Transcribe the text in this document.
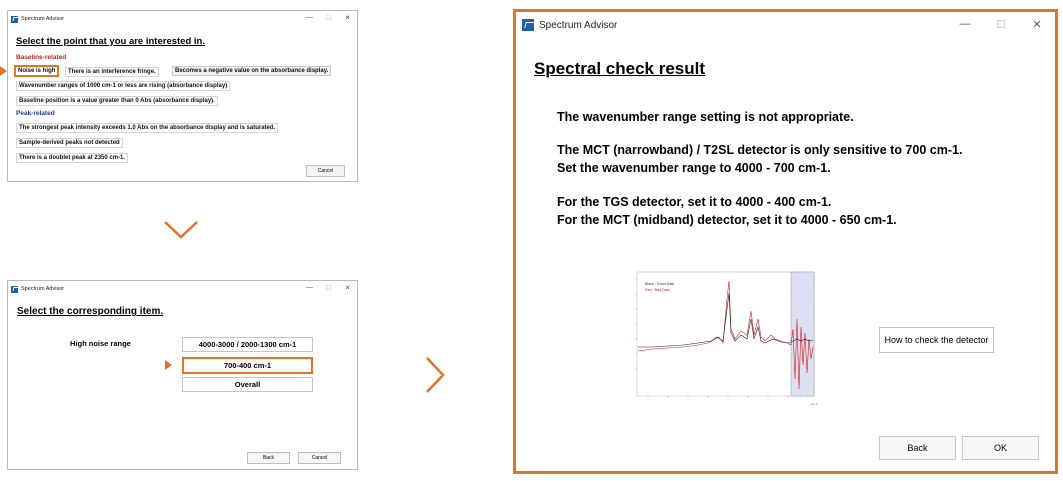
Spectrum Advisor	—	☐	✕
Select the point that you are interested in.
Baseline-related
Noise is high	There is an interference fringe.	Becomes a negative value on the absorbance display.
Wavenumber ranges of 1000 cm-1 or less are rising (absorbance display)
Baseline position is a value greater than 0 Abs (absorbance display).
Peak-related
The strongest peak intensity exceeds 1.0 Abs on the absorbance display and is saturated.
Sample-derived peaks not detected
There is a doublet peak at 2350 cm-1.
Cancel
Spectrum Advisor	—	☐	✕
Select the corresponding item.
High noise range	4000-3000 / 2000-1300 cm-1
700-400 cm-1
Overall
Back	Cancel
Spectrum Advisor	—	☐	✕
Spectral check result
The wavenumber range setting is not appropriate.
The MCT (narrowband) / T2SL detector is only sensitive to 700 cm-1.
Set the wavenumber range to 4000 - 700 cm-1.
For the TGS detector, set it to 4000 - 400 cm-1.
For the MCT (midband) detector, set it to 4000 - 650 cm-1.
Black : Good Data
Red : Bad Data
cm-1
How to check the detector
Back	OK
